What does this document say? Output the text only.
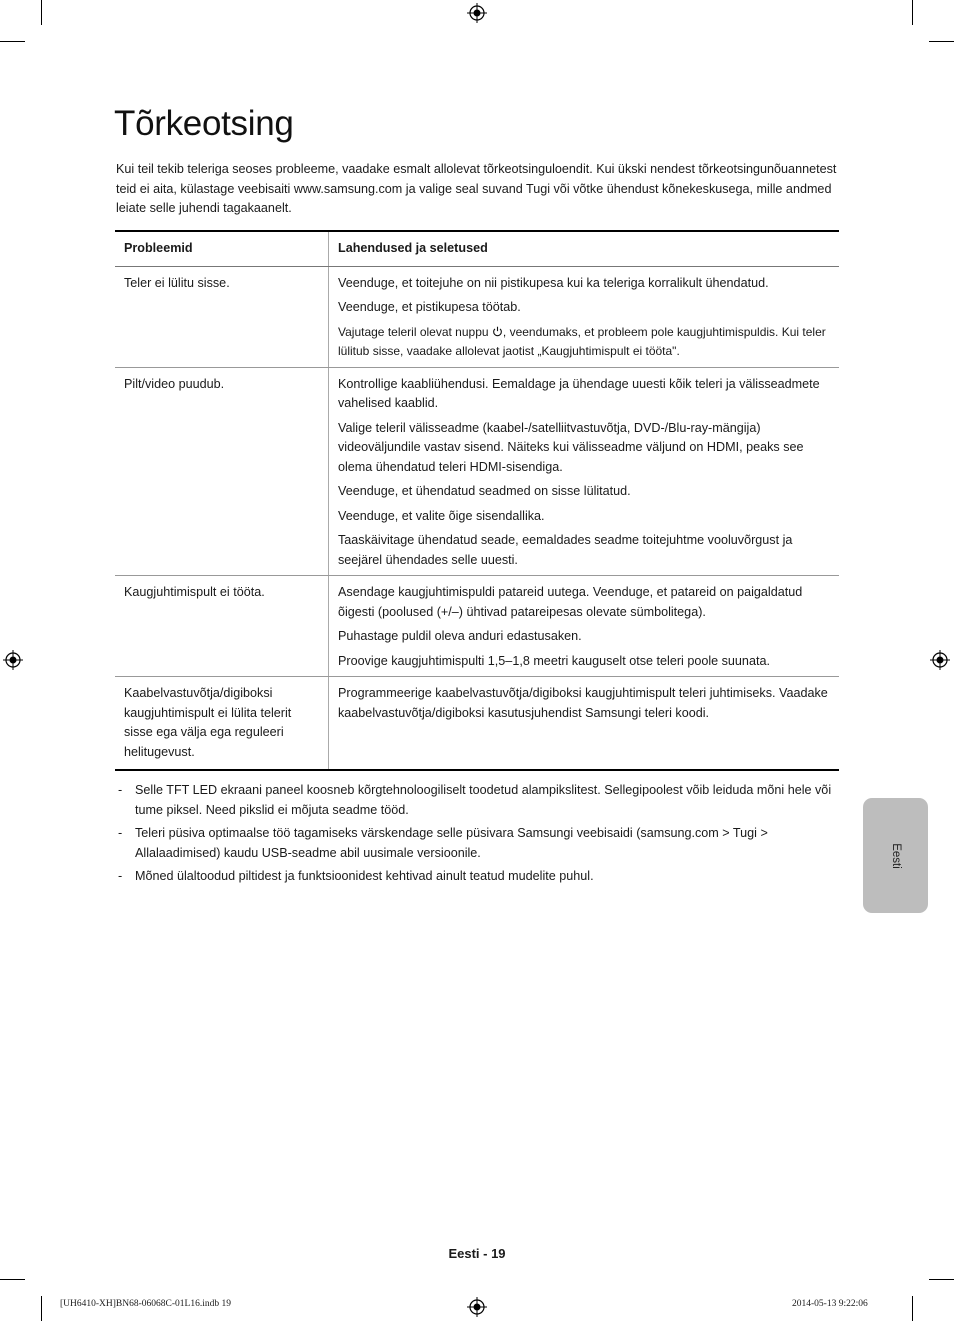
Tõrkeotsing

Kui teil tekib teleriga seoses probleeme, vaadake esmalt allolevat tõrkeotsinguloendit. Kui ükski nendest tõrkeotsingunõuannetest teid ei aita, külastage veebisaiti www.samsung.com ja valige seal suvand Tugi või võtke ühendust kõnekeskusega, mille andmed leiate selle juhendi tagakaanelt.

Probleemid	Lahendused ja seletused
Teler ei lülitu sisse.	Veenduge, et toitejuhe on nii pistikupesa kui ka teleriga korralikult ühendatud.

Veenduge, et pistikupesa töötab.

Vajutage teleril olevat nuppu , veendumaks, et probleem pole kaugjuhtimispuldis. Kui teler lülitub sisse, vaadake allolevat jaotist „Kaugjuhtimispult ei tööta".

Pilt/video puudub.	Kontrollige kaabliühendusi. Eemaldage ja ühendage uuesti kõik teleri ja välisseadmete vahelised kaablid.

Valige teleril välisseadme (kaabel-/satelliitvastuvõtja, DVD-/Blu-ray-mängija) videoväljundile vastav sisend. Näiteks kui välisseadme väljund on HDMI, peaks see olema ühendatud teleri HDMI-sisendiga.

Veenduge, et ühendatud seadmed on sisse lülitatud.

Veenduge, et valite õige sisendallika.

Taaskäivitage ühendatud seade, eemaldades seadme toitejuhtme vooluvõrgust ja seejärel ühendades selle uuesti.

Kaugjuhtimispult ei tööta.	Asendage kaugjuhtimispuldi patareid uutega. Veenduge, et patareid on paigaldatud õigesti (poolused (+/–) ühtivad patareipesas olevate sümbolitega).

Puhastage puldil oleva anduri edastusaken.

Proovige kaugjuhtimispulti 1,5–1,8 meetri kauguselt otse teleri poole suunata.

Kaabelvastuvõtja/digiboksi kaugjuhtimispult ei lülita telerit sisse ega välja ega reguleeri helitugevust.	Programmeerige kaabelvastuvõtja/digiboksi kaugjuhtimispult teleri juhtimiseks. Vaadake kaabelvastuvõtja/digiboksi kasutusjuhendist Samsungi teleri koodi.

- Selle TFT LED ekraani paneel koosneb kõrgtehnoloogiliselt toodetud alampikslitest. Sellegipoolest võib leiduda mõni hele või tume piksel. Need pikslid ei mõjuta seadme tööd.
- Teleri püsiva optimaalse töö tagamiseks värskendage selle püsivara Samsungi veebisaidi (samsung.com > Tugi > Allalaadimised) kaudu USB-seadme abil uusimale versioonile.
- Mõned ülaltoodud piltidest ja funktsioonidest kehtivad ainult teatud mudelite puhul.
Eesti
Eesti - 19
[UH6410-XH]BN68-06068C-01L16.indb 19	2014-05-13 9:22:06
